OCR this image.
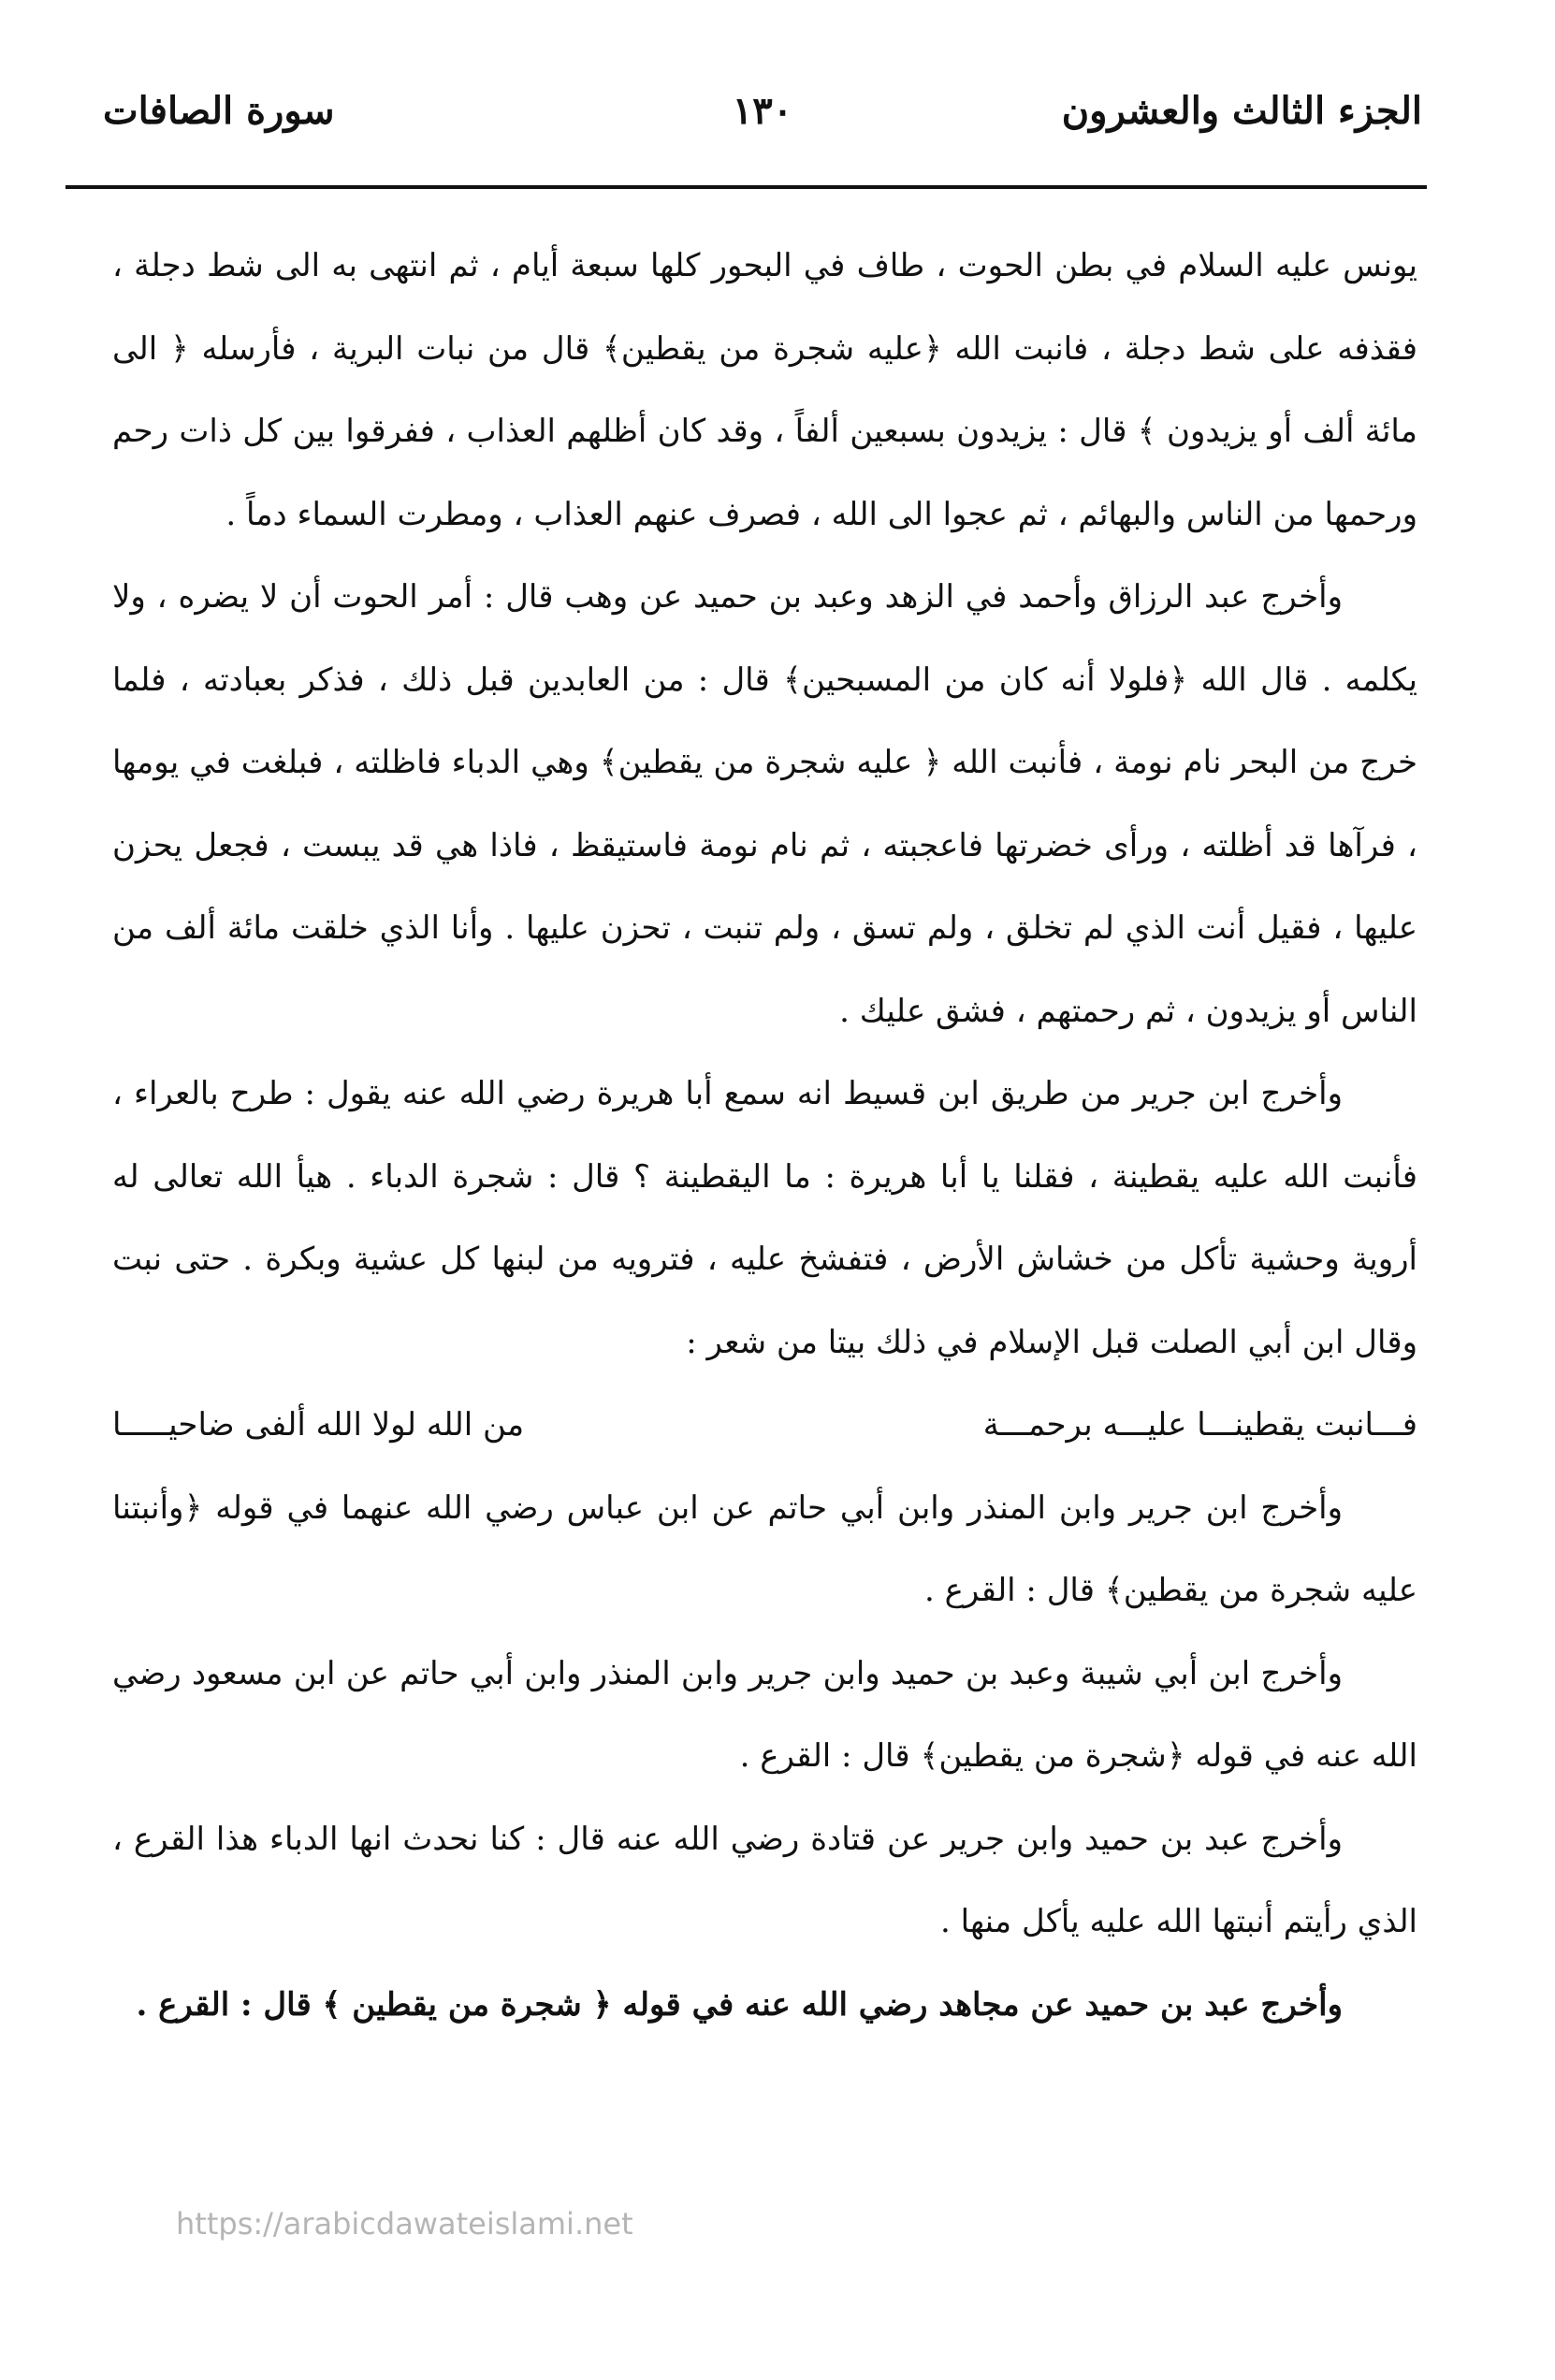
الجزء الثالث والعشرون
١٣٠
سورة الصافات

يونس عليه السلام في بطن الحوت ، طاف في البحور كلها سبعة أيام ، ثم انتهى به الى شط دجلة ، فقذفه على شط دجلة ، فانبت الله ﴿عليه شجرة من يقطين﴾ قال من نبات البرية ، فأرسله ﴿ الى مائة ألف أو يزيدون ﴾ قال : يزيدون بسبعين ألفاً ، وقد كان أظلهم العذاب ، ففرقوا بين كل ذات رحم ورحمها من الناس والبهائم ، ثم عجوا الى الله ، فصرف عنهم العذاب ، ومطرت السماء دماً .

وأخرج عبد الرزاق وأحمد في الزهد وعبد بن حميد عن وهب قال : أمر الحوت أن لا يضره ، ولا يكلمه . قال الله ﴿فلولا أنه كان من المسبحين﴾ قال : من العابدين قبل ذلك ، فذكر بعبادته ، فلما خرج من البحر نام نومة ، فأنبت الله ﴿ عليه شجرة من يقطين﴾ وهي الدباء فاظلته ، فبلغت في يومها ، فرآها قد أظلته ، ورأى خضرتها فاعجبته ، ثم نام نومة فاستيقظ ، فاذا هي قد يبست ، فجعل يحزن عليها ، فقيل أنت الذي لم تخلق ، ولم تسق ، ولم تنبت ، تحزن عليها . وأنا الذي خلقت مائة ألف من الناس أو يزيدون ، ثم رحمتهم ، فشق عليك .

وأخرج ابن جرير من طريق ابن قسيط انه سمع أبا هريرة رضي الله عنه يقول : طرح بالعراء ، فأنبت الله عليه يقطينة ، فقلنا يا أبا هريرة : ما اليقطينة ؟ قال : شجرة الدباء . هيأ الله تعالى له أروية وحشية تأكل من خشاش الأرض ، فتفشخ عليه ، فترويه من لبنها كل عشية وبكرة . حتى نبت وقال ابن أبي الصلت قبل الإسلام في ذلك بيتا من شعر :

فـــانبت يقطينـــا عليـــه برحمـــة
من الله لولا الله ألفى ضاحيـــــا

وأخرج ابن جرير وابن المنذر وابن أبي حاتم عن ابن عباس رضي الله عنهما في قوله ﴿وأنبتنا عليه شجرة من يقطين﴾ قال : القرع .

وأخرج ابن أبي شيبة وعبد بن حميد وابن جرير وابن المنذر وابن أبي حاتم عن ابن مسعود رضي الله عنه في قوله ﴿شجرة من يقطين﴾ قال : القرع .

وأخرج عبد بن حميد وابن جرير عن قتادة رضي الله عنه قال : كنا نحدث انها الدباء هذا القرع ، الذي رأيتم أنبتها الله عليه يأكل منها .

وأخرج عبد بن حميد عن مجاهد رضي الله عنه في قوله ﴿ شجرة من يقطين ﴾ قال : القرع .

https://arabicdawateislami.net
